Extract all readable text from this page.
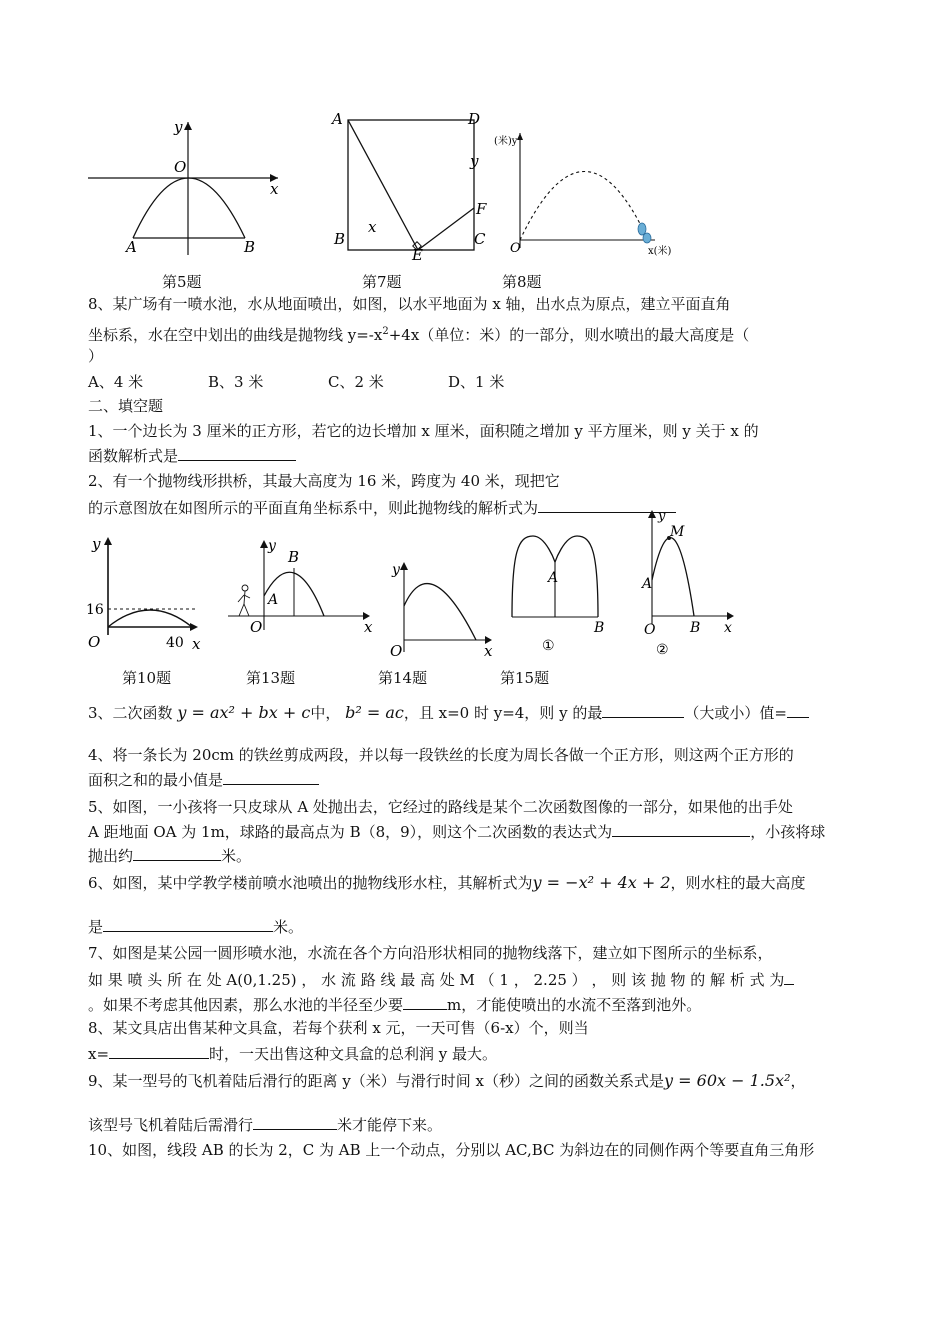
y
x
O
A	B
第5题
A	D
y
F
B
x
E
C
第7题
(米)y
O	x(米)
第8题
8、某广场有一喷水池，水从地面喷出，如图，以水平地面为 x 轴，出水点为原点，建立平面直角
坐标系，水在空中划出的曲线是抛物线 $y=-x^2+4x$（单位：米）的一部分，则水喷出的最大高度是（
）
A、4 米	B、3 米	C、2 米	D、1 米
二、填空题
1、一个边长为 3 厘米的正方形，若它的边长增加 x 厘米，面积随之增加 y 平方厘米，则 y 关于 x 的
函数解析式是
2、有一个抛物线形拱桥，其最大高度为 16 米，跨度为 40 米，现把它
的示意图放在如图所示的平面直角坐标系中，则此抛物线的解析式为
y
16
O	40 x
第10题
y
B
A
O	x
第13题
y
O	x
第14题
A
B
①
第15题
y
M
A
O B x
②
3、二次函数 y = ax² + bx + c中， b² = ac，且 x=0 时 y=4，则 y 的最	（大或小）值=
4、将一条长为 20cm 的铁丝剪成两段，并以每一段铁丝的长度为周长各做一个正方形，则这两个正方形的
面积之和的最小值是
5、如图，一小孩将一只皮球从 A 处抛出去，它经过的路线是某个二次函数图像的一部分，如果他的出手处
A 距地面 OA 为 1m，球路的最高点为 B（8，9），则这个二次函数的表达式为	，小孩将球
抛出约	米。
6、如图，某中学教学楼前喷水池喷出的抛物线形水柱，其解析式为y = −x² + 4x + 2，则水柱的最大高度
是	米。
7、如图是某公园一圆形喷水池，水流在各个方向沿形状相同的抛物线落下，建立如下图所示的坐标系，
如 果 喷 头 所 在 处 A(0,1.25) ， 水 流 路 线 最 高 处 M （ 1 ， 2.25 ） ， 则 该 抛 物 的 解 析 式 为
。如果不考虑其他因素，那么水池的半径至少要	m，才能使喷出的水流不至落到池外。
8、某文具店出售某种文具盒，若每个获利 x 元，一天可售（6-x）个，则当
x=	时，一天出售这种文具盒的总利润 y 最大。
9、某一型号的飞机着陆后滑行的距离 y（米）与滑行时间 x（秒）之间的函数关系式是y = 60x − 1.5x²，
该型号飞机着陆后需滑行	米才能停下来。
10、如图，线段 AB 的长为 2，C 为 AB 上一个动点，分别以 AC,BC 为斜边在的同侧作两个等要直角三角形
